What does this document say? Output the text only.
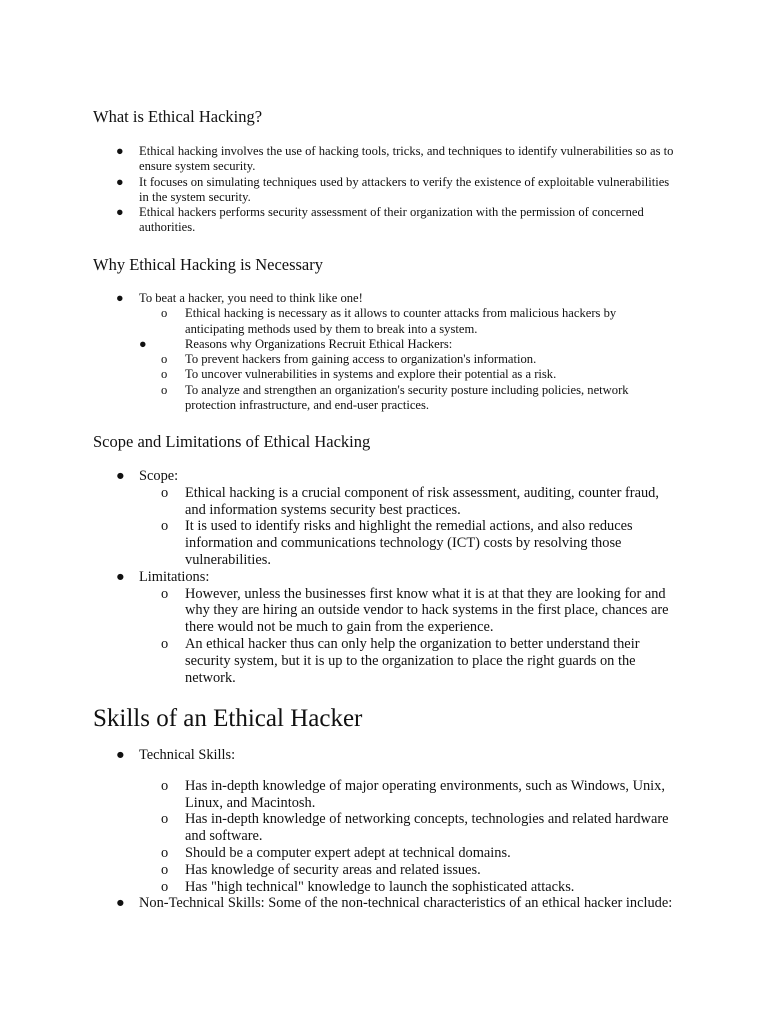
What is Ethical Hacking?
● Ethical hacking involves the use of hacking tools, tricks, and techniques to identify vulnerabilities so as to ensure system security.
● It focuses on simulating techniques used by attackers to verify the existence of exploitable vulnerabilities in the system security.
● Ethical hackers performs security assessment of their organization with the permission of concerned authorities.
Why Ethical Hacking is Necessary
● To beat a hacker, you need to think like one!
o Ethical hacking is necessary as it allows to counter attacks from malicious hackers by anticipating methods used by them to break into a system.
●	Reasons why Organizations Recruit Ethical Hackers:
o To prevent hackers from gaining access to organization's information.
o To uncover vulnerabilities in systems and explore their potential as a risk.
o To analyze and strengthen an organization's security posture including policies, network protection infrastructure, and end-user practices.
Scope and Limitations of Ethical Hacking
● Scope:
o Ethical hacking is a crucial component of risk assessment, auditing, counter fraud, and information systems security best practices.
o It is used to identify risks and highlight the remedial actions, and also reduces information and communications technology (ICT) costs by resolving those vulnerabilities.
● Limitations:
o However, unless the businesses first know what it is at that they are looking for and why they are hiring an outside vendor to hack systems in the first place, chances are there would not be much to gain from the experience.
o An ethical hacker thus can only help the organization to better understand their security system, but it is up to the organization to place the right guards on the network.
Skills of an Ethical Hacker
● Technical Skills:
o Has in-depth knowledge of major operating environments, such as Windows, Unix, Linux, and Macintosh.
o Has in-depth knowledge of networking concepts, technologies and related hardware and software.
o Should be a computer expert adept at technical domains.
o Has knowledge of security areas and related issues.
o Has "high technical" knowledge to launch the sophisticated attacks.
● Non-Technical Skills: Some of the non-technical characteristics of an ethical hacker include:
